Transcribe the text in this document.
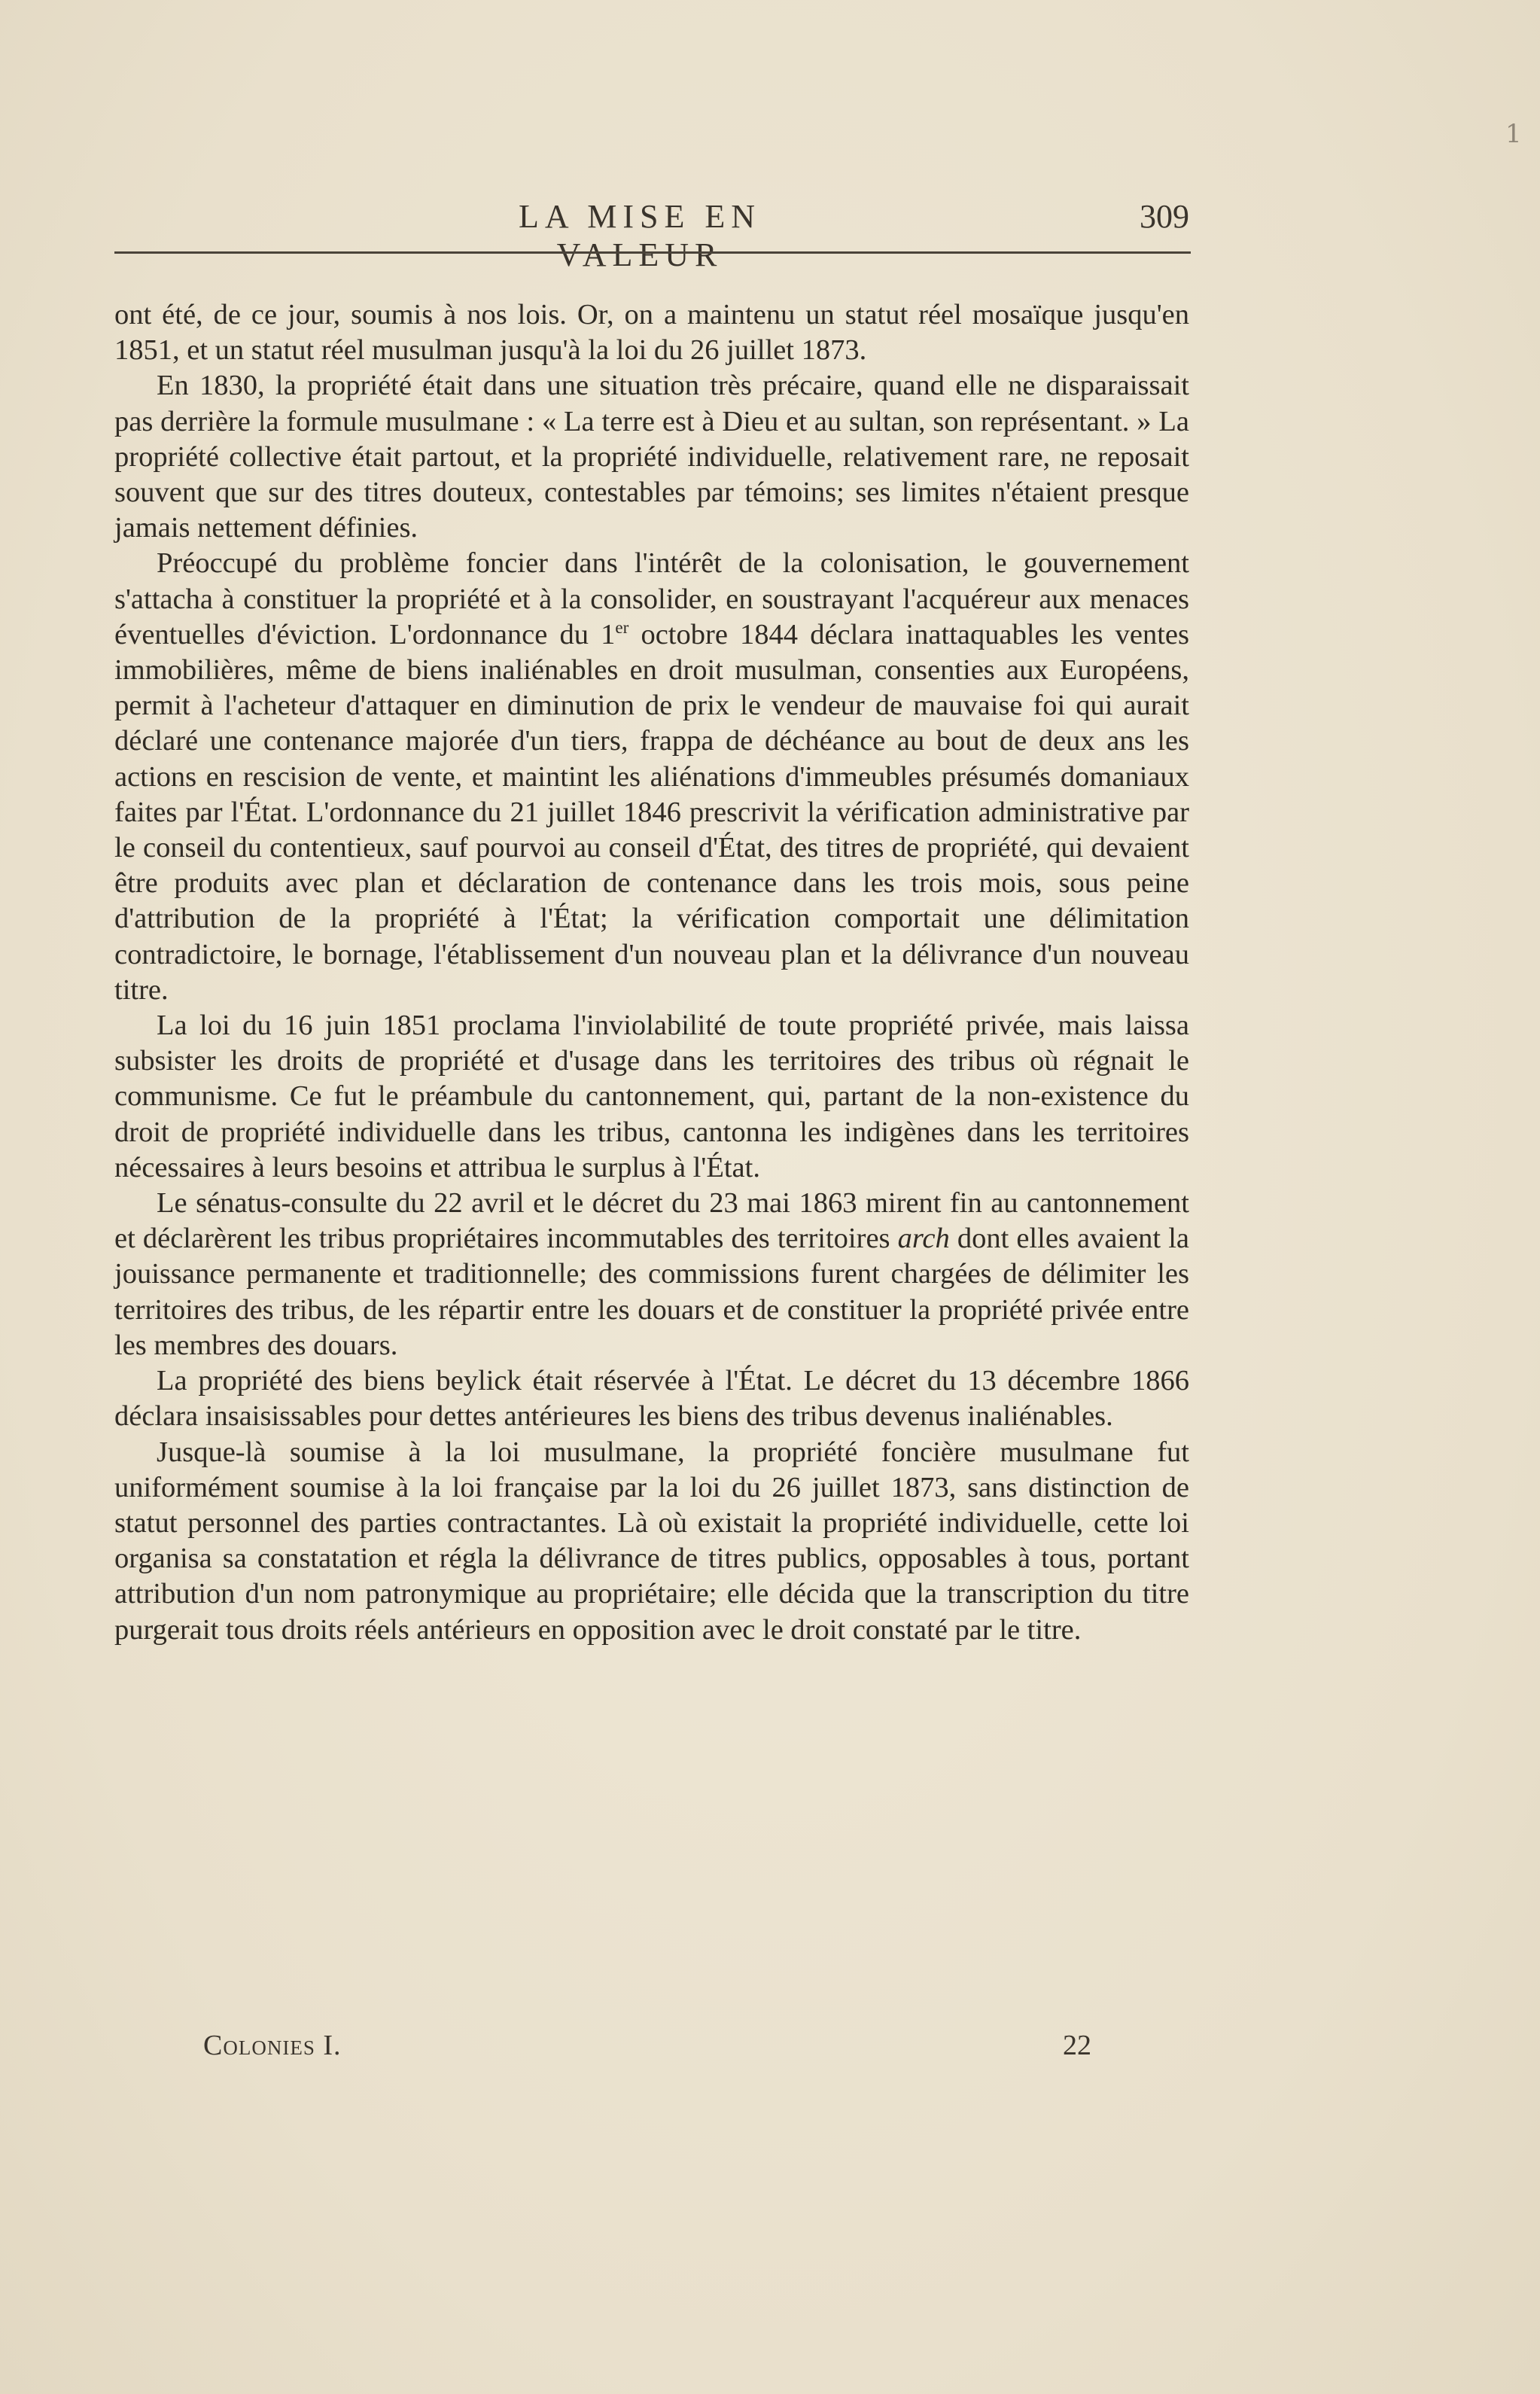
1
LA MISE EN VALEUR
309

ont été, de ce jour, soumis à nos lois. Or, on a maintenu un statut réel mosaïque jusqu'en 1851, et un statut réel musulman jusqu'à la loi du 26 juillet 1873.

En 1830, la propriété était dans une situation très précaire, quand elle ne disparaissait pas derrière la formule musulmane : « La terre est à Dieu et au sultan, son représentant. » La propriété collective était partout, et la propriété individuelle, relativement rare, ne reposait souvent que sur des titres douteux, contestables par témoins; ses limites n'étaient presque jamais nettement définies.

Préoccupé du problème foncier dans l'intérêt de la colonisation, le gouvernement s'attacha à constituer la propriété et à la consolider, en soustrayant l'acquéreur aux menaces éventuelles d'éviction. L'ordonnance du 1er octobre 1844 déclara inattaquables les ventes immobilières, même de biens inaliénables en droit musulman, consenties aux Européens, permit à l'acheteur d'attaquer en diminution de prix le vendeur de mauvaise foi qui aurait déclaré une contenance majorée d'un tiers, frappa de déchéance au bout de deux ans les actions en rescision de vente, et maintint les aliénations d'immeubles présumés domaniaux faites par l'État. L'ordonnance du 21 juillet 1846 prescrivit la vérification administrative par le conseil du contentieux, sauf pourvoi au conseil d'État, des titres de propriété, qui devaient être produits avec plan et déclaration de contenance dans les trois mois, sous peine d'attribution de la propriété à l'État; la vérification comportait une délimitation contradictoire, le bornage, l'établissement d'un nouveau plan et la délivrance d'un nouveau titre.

La loi du 16 juin 1851 proclama l'inviolabilité de toute propriété privée, mais laissa subsister les droits de propriété et d'usage dans les territoires des tribus où régnait le communisme. Ce fut le préambule du cantonnement, qui, partant de la non-existence du droit de propriété individuelle dans les tribus, cantonna les indigènes dans les territoires nécessaires à leurs besoins et attribua le surplus à l'État.

Le sénatus-consulte du 22 avril et le décret du 23 mai 1863 mirent fin au cantonnement et déclarèrent les tribus propriétaires incommutables des territoires arch dont elles avaient la jouissance permanente et traditionnelle; des commissions furent chargées de délimiter les territoires des tribus, de les répartir entre les douars et de constituer la propriété privée entre les membres des douars.

La propriété des biens beylick était réservée à l'État. Le décret du 13 décembre 1866 déclara insaisissables pour dettes antérieures les biens des tribus devenus inaliénables.

Jusque-là soumise à la loi musulmane, la propriété foncière musulmane fut uniformément soumise à la loi française par la loi du 26 juillet 1873, sans distinction de statut personnel des parties contractantes. Là où existait la propriété individuelle, cette loi organisa sa constatation et régla la délivrance de titres publics, opposables à tous, portant attribution d'un nom patronymique au propriétaire; elle décida que la transcription du titre purgerait tous droits réels antérieurs en opposition avec le droit constaté par le titre.

Colonies I.	22
